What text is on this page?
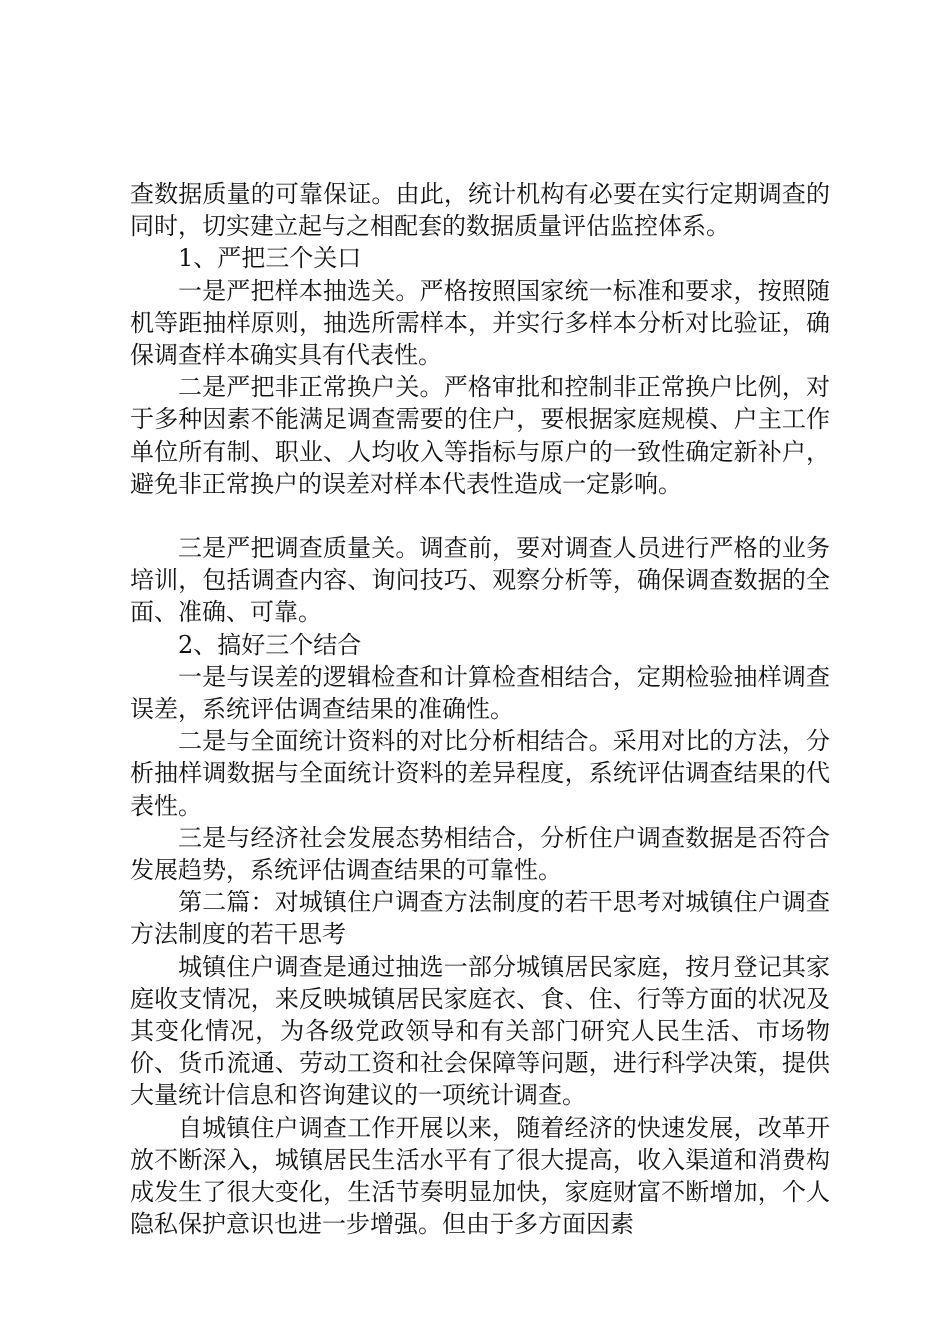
查数据质量的可靠保证。由此，统计机构有必要在实行定期调查的同时，切实建立起与之相配套的数据质量评估监控体系。

1、严把三个关口

一是严把样本抽选关。严格按照国家统一标准和要求，按照随机等距抽样原则，抽选所需样本，并实行多样本分析对比验证，确保调查样本确实具有代表性。

二是严把非正常换户关。严格审批和控制非正常换户比例，对于多种因素不能满足调查需要的住户，要根据家庭规模、户主工作单位所有制、职业、人均收入等指标与原户的一致性确定新补户，避免非正常换户的误差对样本代表性造成一定影响。

三是严把调查质量关。调查前，要对调查人员进行严格的业务培训，包括调查内容、询问技巧、观察分析等，确保调查数据的全面、准确、可靠。

2、搞好三个结合

一是与误差的逻辑检查和计算检查相结合，定期检验抽样调查误差，系统评估调查结果的准确性。

二是与全面统计资料的对比分析相结合。采用对比的方法，分析抽样调数据与全面统计资料的差异程度，系统评估调查结果的代表性。

三是与经济社会发展态势相结合，分析住户调查数据是否符合发展趋势，系统评估调查结果的可靠性。

第二篇：对城镇住户调查方法制度的若干思考对城镇住户调查方法制度的若干思考

城镇住户调查是通过抽选一部分城镇居民家庭，按月登记其家庭收支情况，来反映城镇居民家庭衣、食、住、行等方面的状况及其变化情况，为各级党政领导和有关部门研究人民生活、市场物价、货币流通、劳动工资和社会保障等问题，进行科学决策，提供大量统计信息和咨询建议的一项统计调查。

自城镇住户调查工作开展以来，随着经济的快速发展，改革开放不断深入，城镇居民生活水平有了很大提高，收入渠道和消费构成发生了很大变化，生活节奏明显加快，家庭财富不断增加，个人隐私保护意识也进一步增强。但由于多方面因素
